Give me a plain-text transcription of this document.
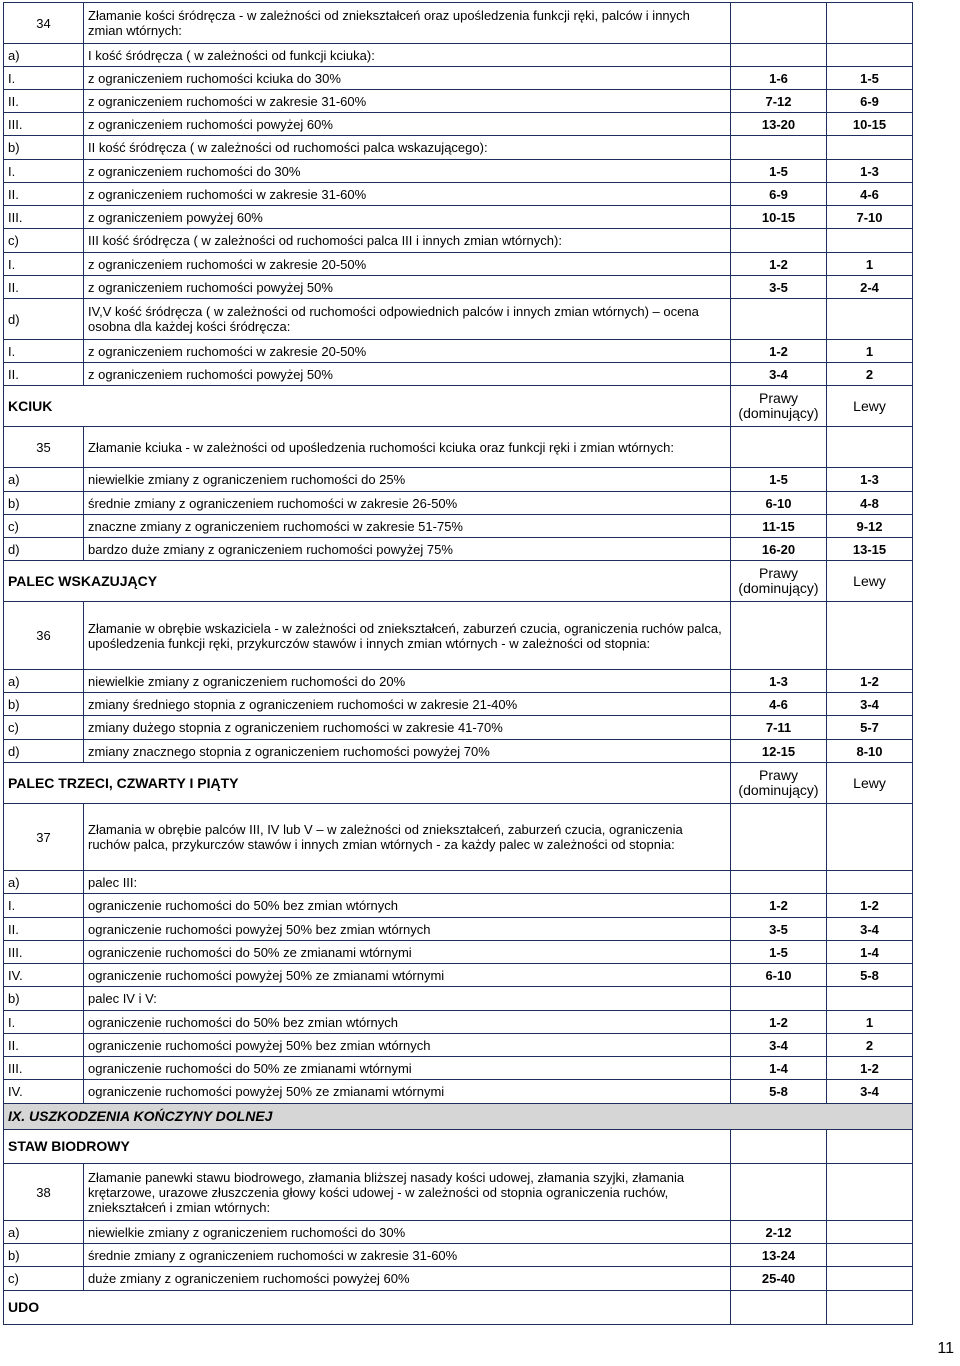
34	Złamanie kości śródręcza - w zależności od zniekształceń oraz upośledzenia funkcji ręki, palców i innych zmian wtórnych:		
a)	I kość śródręcza ( w zależności od funkcji kciuka):		
I.	z ograniczeniem ruchomości kciuka do 30%	1-6	1-5
II.	z ograniczeniem ruchomości w zakresie 31-60%	7-12	6-9
III.	z ograniczeniem ruchomości powyżej 60%	13-20	10-15
b)	II kość śródręcza ( w zależności od ruchomości palca wskazującego):		
I.	z ograniczeniem ruchomości do 30%	1-5	1-3
II.	z ograniczeniem ruchomości w zakresie 31-60%	6-9	4-6
III.	z ograniczeniem powyżej 60%	10-15	7-10
c)	III kość śródręcza ( w zależności od ruchomości palca III i innych zmian wtórnych):		
I.	z ograniczeniem ruchomości w zakresie 20-50%	1-2	1
II.	z ograniczeniem ruchomości powyżej 50%	3-5	2-4
d)	IV,V kość śródręcza ( w zależności od ruchomości odpowiednich palców i innych zmian wtórnych) – ocena osobna dla każdej kości śródręcza:		
I.	z ograniczeniem ruchomości w zakresie 20-50%	1-2	1
II.	z ograniczeniem ruchomości powyżej 50%	3-4	2
KCIUK		Prawy (dominujący)	Lewy
35	Złamanie kciuka - w zależności od upośledzenia ruchomości kciuka oraz funkcji ręki i zmian wtórnych:		
a)	niewielkie zmiany z ograniczeniem ruchomości do 25%	1-5	1-3
b)	średnie zmiany z ograniczeniem ruchomości w zakresie 26-50%	6-10	4-8
c)	znaczne zmiany z ograniczeniem ruchomości w zakresie 51-75%	11-15	9-12
d)	bardzo duże zmiany z ograniczeniem ruchomości powyżej 75%	16-20	13-15
PALEC WSKAZUJĄCY		Prawy (dominujący)	Lewy
36	Złamanie w obrębie wskaziciela - w zależności od zniekształceń, zaburzeń czucia, ograniczenia ruchów palca, upośledzenia funkcji ręki, przykurczów stawów i innych zmian wtórnych - w zależności od stopnia:		
a)	niewielkie zmiany z ograniczeniem ruchomości do 20%	1-3	1-2
b)	zmiany średniego stopnia z ograniczeniem ruchomości w zakresie 21-40%	4-6	3-4
c)	zmiany dużego stopnia z ograniczeniem ruchomości w zakresie 41-70%	7-11	5-7
d)	zmiany znacznego stopnia z ograniczeniem ruchomości powyżej 70%	12-15	8-10
PALEC TRZECI, CZWARTY I PIĄTY		Prawy (dominujący)	Lewy
37	Złamania w obrębie palców III, IV lub V – w zależności od zniekształceń, zaburzeń czucia, ograniczenia ruchów palca, przykurczów stawów i innych zmian wtórnych - za każdy palec w zależności od stopnia:		
a)	palec III:		
I.	ograniczenie ruchomości do 50% bez zmian wtórnych	1-2	1-2
II.	ograniczenie ruchomości powyżej 50% bez zmian wtórnych	3-5	3-4
III.	ograniczenie ruchomości do 50% ze zmianami wtórnymi	1-5	1-4
IV.	ograniczenie ruchomości powyżej 50% ze zmianami wtórnymi	6-10	5-8
b)	palec IV i V:		
I.	ograniczenie ruchomości do 50% bez zmian wtórnych	1-2	1
II.	ograniczenie ruchomości powyżej 50% bez zmian wtórnych	3-4	2
III.	ograniczenie ruchomości do 50% ze zmianami wtórnymi	1-4	1-2
IV.	ograniczenie ruchomości powyżej 50% ze zmianami wtórnymi	5-8	3-4
IX. USZKODZENIA KOŃCZYNY DOLNEJ			
STAW BIODROWY			
38	Złamanie panewki stawu biodrowego, złamania bliższej nasady kości udowej, złamania szyjki, złamania krętarzowe, urazowe złuszczenia głowy kości udowej - w zależności od stopnia ograniczenia ruchów, zniekształceń i zmian wtórnych:		
a)	niewielkie zmiany z ograniczeniem ruchomości do 30%	2-12	
b)	średnie zmiany z ograniczeniem ruchomości w zakresie 31-60%	13-24	
c)	duże zmiany z ograniczeniem ruchomości powyżej 60%	25-40	
UDO			
11
